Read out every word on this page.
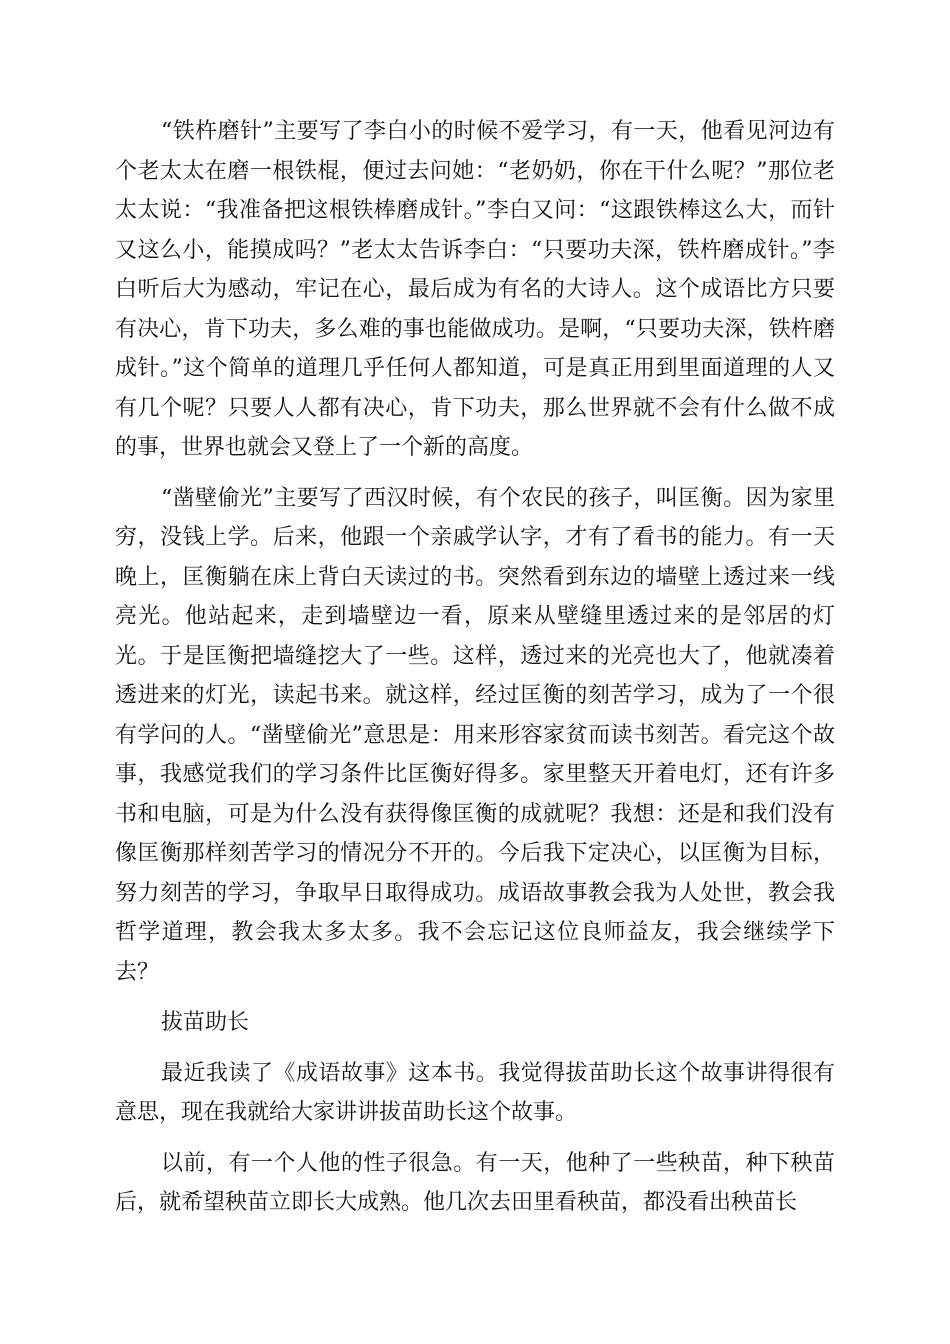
“铁杵磨针”主要写了李白小的时候不爱学习，有一天，他看见河边有个老太太在磨一根铁棍，便过去问她：“老奶奶，你在干什么呢？”那位老太太说：“我准备把这根铁棒磨成针。”李白又问：“这跟铁棒这么大，而针又这么小，能摸成吗？”老太太告诉李白：“只要功夫深，铁杵磨成针。”李白听后大为感动，牢记在心，最后成为有名的大诗人。这个成语比方只要有决心，肯下功夫，多么难的事也能做成功。是啊，“只要功夫深，铁杵磨成针。”这个简单的道理几乎任何人都知道，可是真正用到里面道理的人又有几个呢？只要人人都有决心，肯下功夫，那么世界就不会有什么做不成的事，世界也就会又登上了一个新的高度。

“凿壁偷光”主要写了西汉时候，有个农民的孩子，叫匡衡。因为家里穷，没钱上学。后来，他跟一个亲戚学认字，才有了看书的能力。有一天晚上，匡衡躺在床上背白天读过的书。突然看到东边的墙壁上透过来一线亮光。他站起来，走到墙壁边一看，原来从壁缝里透过来的是邻居的灯光。于是匡衡把墙缝挖大了一些。这样，透过来的光亮也大了，他就凑着透进来的灯光，读起书来。就这样，经过匡衡的刻苦学习，成为了一个很有学问的人。“凿壁偷光”意思是：用来形容家贫而读书刻苦。看完这个故事，我感觉我们的学习条件比匡衡好得多。家里整天开着电灯，还有许多书和电脑，可是为什么没有获得像匡衡的成就呢？我想：还是和我们没有像匡衡那样刻苦学习的情况分不开的。今后我下定决心，以匡衡为目标，努力刻苦的学习，争取早日取得成功。成语故事教会我为人处世，教会我哲学道理，教会我太多太多。我不会忘记这位良师益友，我会继续学下去？

拔苗助长

最近我读了《成语故事》这本书。我觉得拔苗助长这个故事讲得很有意思，现在我就给大家讲讲拔苗助长这个故事。

以前，有一个人他的性子很急。有一天，他种了一些秧苗，种下秧苗后，就希望秧苗立即长大成熟。他几次去田里看秧苗，都没看出秧苗长
